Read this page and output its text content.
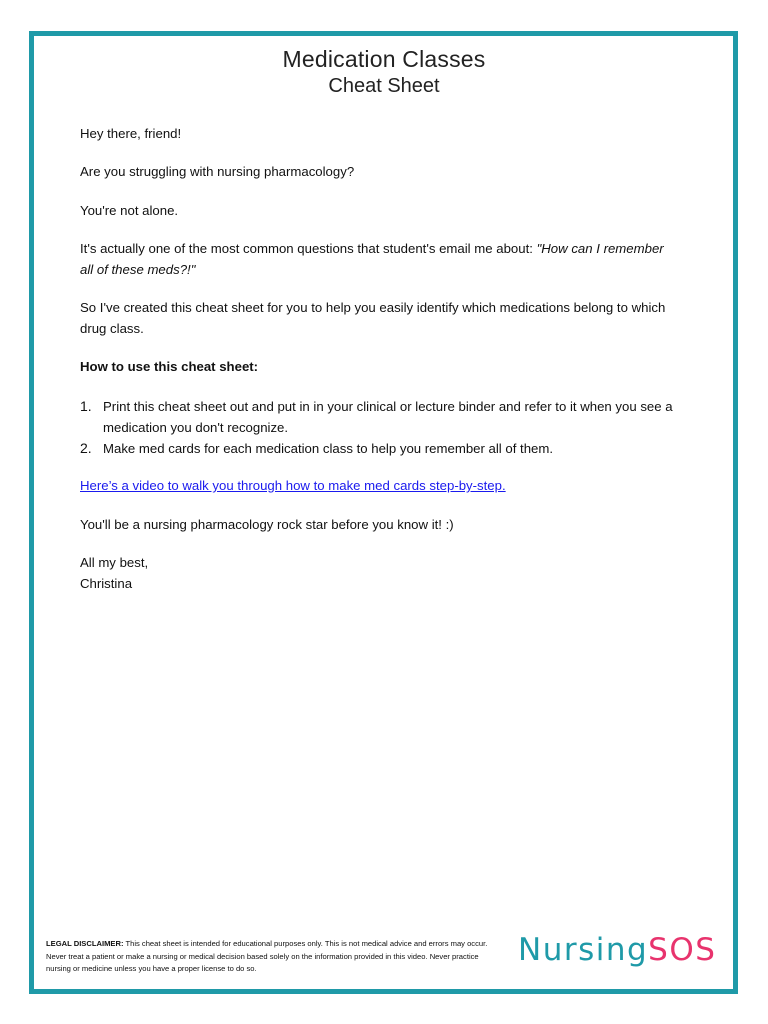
Medication Classes
Cheat Sheet
Hey there, friend!
Are you struggling with nursing pharmacology?
You're not alone.
It's actually one of the most common questions that student's email me about: "How can I remember
all of these meds?!"
So I've created this cheat sheet for you to help you easily identify which medications belong to which
drug class.
How to use this cheat sheet:
1. Print this cheat sheet out and put in in your clinical or lecture binder and refer to it when you see a
medication you don't recognize.
2. Make med cards for each medication class to help you remember all of them.
Here’s a video to walk you through how to make med cards step-by-step.
You'll be a nursing pharmacology rock star before you know it! :)
All my best,
Christina
LEGAL DISCLAIMER: This cheat sheet is intended for educational purposes only. This is not medical advice and errors may occur. Never treat a patient or make a nursing or medical decision based solely on the information provided in this video. Never practice nursing or medicine unless you have a proper license to do so.
NursingSOS
